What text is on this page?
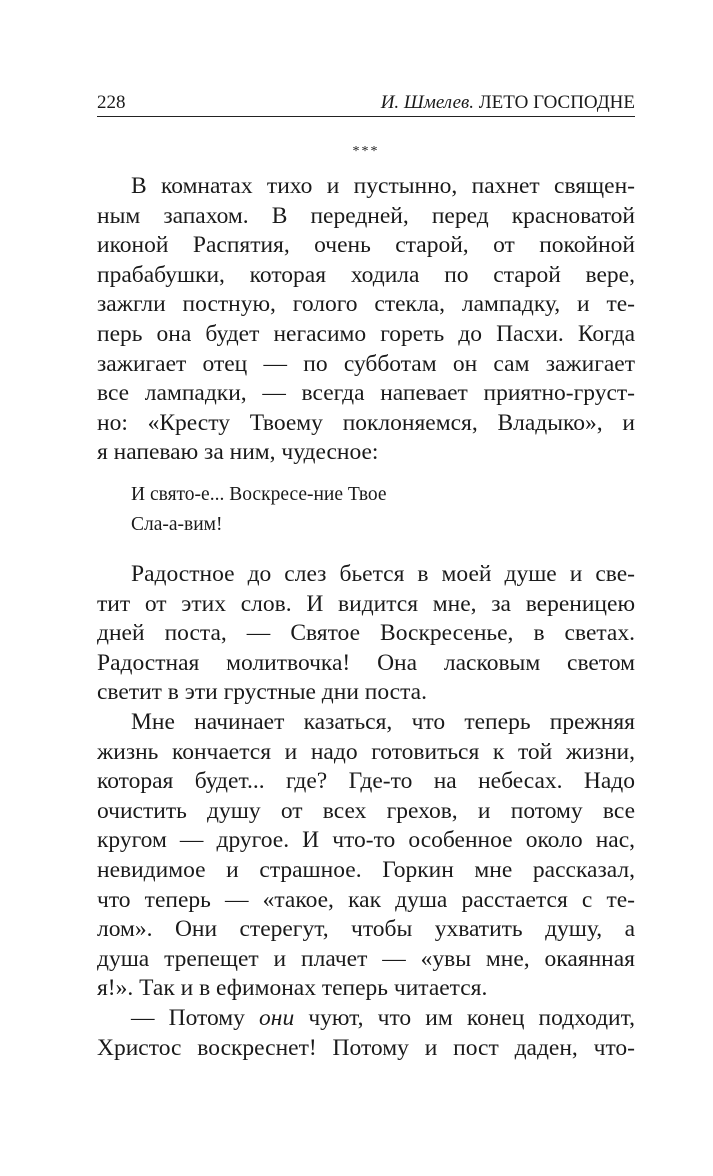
228	И. Шмелев. ЛЕТО ГОСПОДНЕ
***
В комнатах тихо и пустынно, пахнет священ-
ным запахом. В передней, перед красноватой
иконой Распятия, очень старой, от покойной
прабабушки, которая ходила по старой вере,
зажгли постную, голого стекла, лампадку, и те-
перь она будет негасимо гореть до Пасхи. Когда
зажигает отец — по субботам он сам зажигает
все лампадки, — всегда напевает приятно-груст-
но: «Кресту Твоему поклоняемся, Владыко», и
я напеваю за ним, чудесное:
И свято-е... Воскресе-ние Твое
Сла-а-вим!
Радостное до слез бьется в моей душе и све-
тит от этих слов. И видится мне, за вереницею
дней поста, — Святое Воскресенье, в светах.
Радостная молитвочка! Она ласковым светом
светит в эти грустные дни поста.
Мне начинает казаться, что теперь прежняя
жизнь кончается и надо готовиться к той жизни,
которая будет... где? Где-то на небесах. Надо
очистить душу от всех грехов, и потому все
кругом — другое. И что-то особенное около нас,
невидимое и страшное. Горкин мне рассказал,
что теперь — «такое, как душа расстается с те-
лом». Они стерегут, чтобы ухватить душу, а
душа трепещет и плачет — «увы мне, окаянная
я!». Так и в ефимонах теперь читается.
— Потому они чуют, что им конец подходит,
Христос воскреснет! Потому и пост даден, что-
